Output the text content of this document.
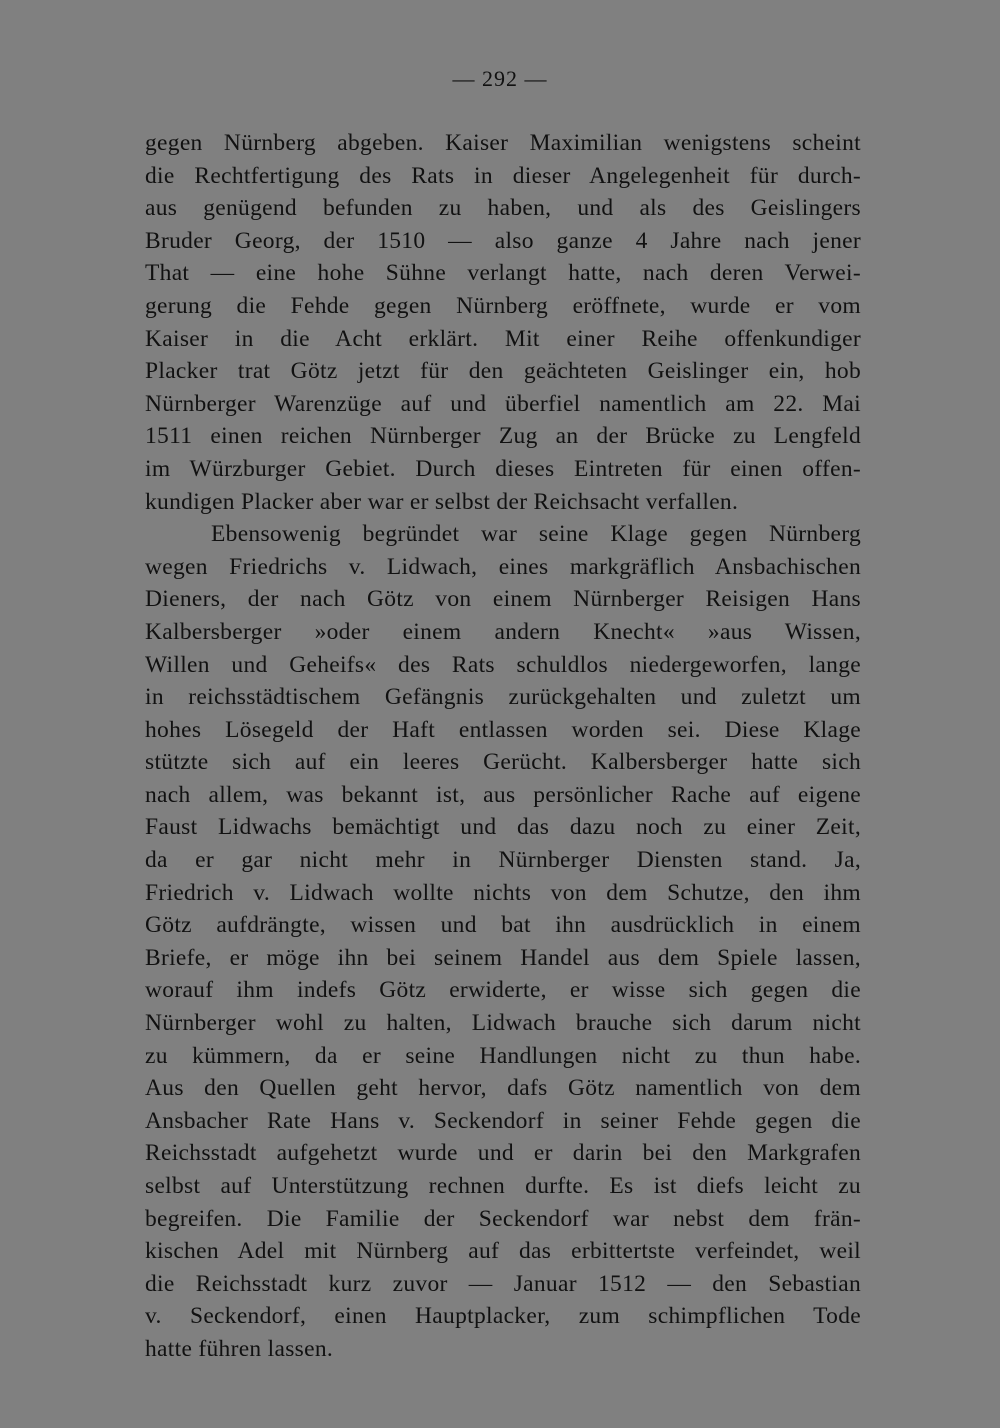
— 292 —
gegen Nürnberg abgeben. Kaiser Maximilian wenigstens scheint
die Rechtfertigung des Rats in dieser Angelegenheit für durch-
aus genügend befunden zu haben, und als des Geislingers
Bruder Georg, der 1510 — also ganze 4 Jahre nach jener
That — eine hohe Sühne verlangt hatte, nach deren Verwei-
gerung die Fehde gegen Nürnberg eröffnete, wurde er vom
Kaiser in die Acht erklärt. Mit einer Reihe offenkundiger
Placker trat Götz jetzt für den geächteten Geislinger ein, hob
Nürnberger Warenzüge auf und überfiel namentlich am 22. Mai
1511 einen reichen Nürnberger Zug an der Brücke zu Lengfeld
im Würzburger Gebiet. Durch dieses Eintreten für einen offen-
kundigen Placker aber war er selbst der Reichsacht verfallen.
Ebensowenig begründet war seine Klage gegen Nürnberg
wegen Friedrichs v. Lidwach, eines markgräflich Ansbachischen
Dieners, der nach Götz von einem Nürnberger Reisigen Hans
Kalbersberger »oder einem andern Knecht« »aus Wissen,
Willen und Geheifs« des Rats schuldlos niedergeworfen, lange
in reichsstädtischem Gefängnis zurückgehalten und zuletzt um
hohes Lösegeld der Haft entlassen worden sei. Diese Klage
stützte sich auf ein leeres Gerücht. Kalbersberger hatte sich
nach allem, was bekannt ist, aus persönlicher Rache auf eigene
Faust Lidwachs bemächtigt und das dazu noch zu einer Zeit,
da er gar nicht mehr in Nürnberger Diensten stand. Ja,
Friedrich v. Lidwach wollte nichts von dem Schutze, den ihm
Götz aufdrängte, wissen und bat ihn ausdrücklich in einem
Briefe, er möge ihn bei seinem Handel aus dem Spiele lassen,
worauf ihm indefs Götz erwiderte, er wisse sich gegen die
Nürnberger wohl zu halten, Lidwach brauche sich darum nicht
zu kümmern, da er seine Handlungen nicht zu thun habe.
Aus den Quellen geht hervor, dafs Götz namentlich von dem
Ansbacher Rate Hans v. Seckendorf in seiner Fehde gegen die
Reichsstadt aufgehetzt wurde und er darin bei den Markgrafen
selbst auf Unterstützung rechnen durfte. Es ist diefs leicht zu
begreifen. Die Familie der Seckendorf war nebst dem frän-
kischen Adel mit Nürnberg auf das erbittertste verfeindet, weil
die Reichsstadt kurz zuvor — Januar 1512 — den Sebastian
v. Seckendorf, einen Hauptplacker, zum schimpflichen Tode
hatte führen lassen.
